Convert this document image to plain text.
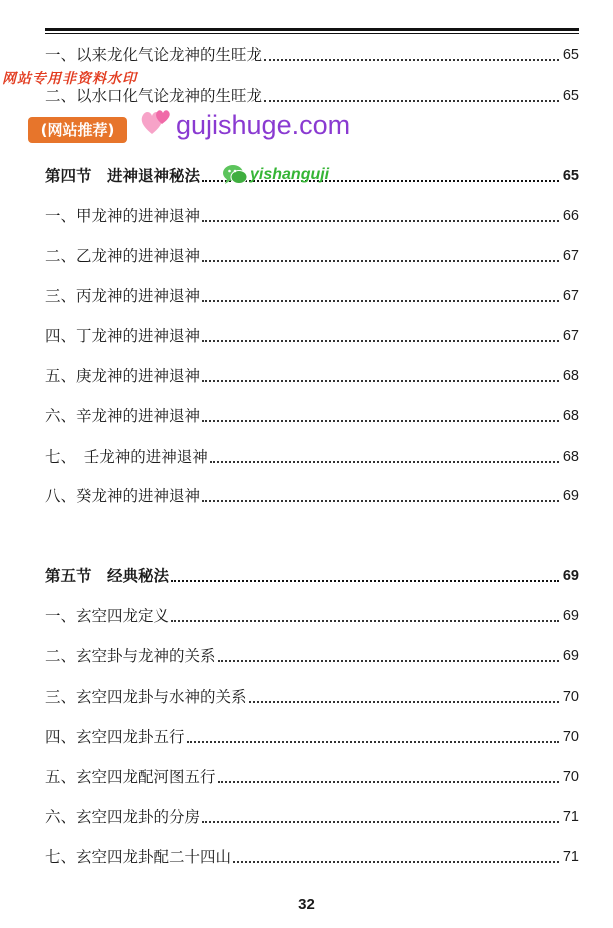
一、以来龙化气论龙神的生旺龙	65
二、以水口化气论龙神的生旺龙	65
第四节　进神退神秘法	65
一、甲龙神的进神退神	66
二、乙龙神的进神退神	67
三、丙龙神的进神退神	67
四、丁龙神的进神退神	67
五、庚龙神的进神退神	68
六、辛龙神的进神退神	68
七、　壬龙神的进神退神	68
八、癸龙神的进神退神	69
第五节　经典秘法	69
一、玄空四龙定义	69
二、玄空卦与龙神的关系	69
三、玄空四龙卦与水神的关系	70
四、玄空四龙卦五行	70
五、玄空四龙配河图五行	70
六、玄空四龙卦的分房	71
七、玄空四龙卦配二十四山	71
网站专用非资料水印
(网站推荐)	gujishuge.com
yishanguji
32
